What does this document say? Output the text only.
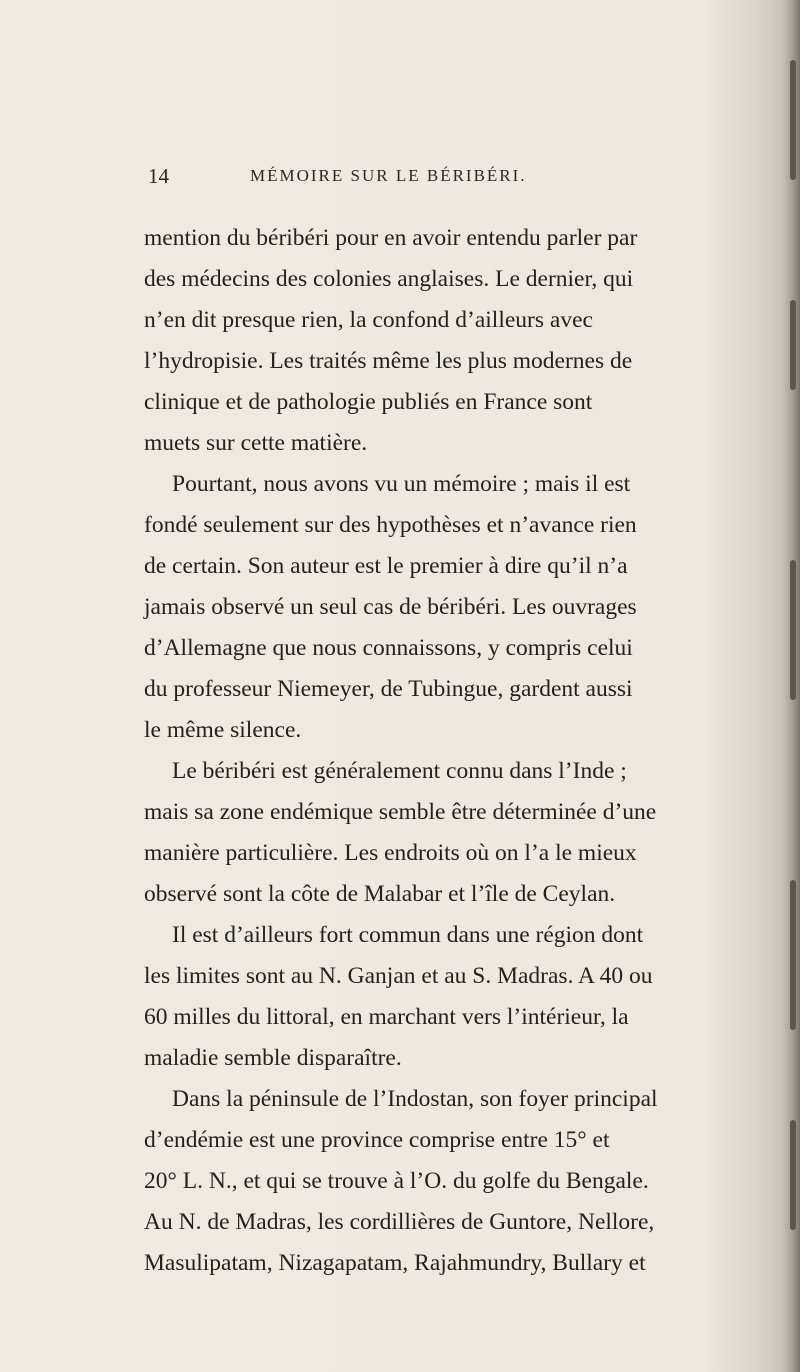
14	MÉMOIRE SUR LE BÉRIBÉRI.
mention du béribéri pour en avoir entendu parler par
des médecins des colonies anglaises. Le dernier, qui
n’en dit presque rien, la confond d’ailleurs avec
l’hydropisie. Les traités même les plus modernes de
clinique et de pathologie publiés en France sont
muets sur cette matière.
Pourtant, nous avons vu un mémoire ; mais il est
fondé seulement sur des hypothèses et n’avance rien
de certain. Son auteur est le premier à dire qu’il n’a
jamais observé un seul cas de béribéri. Les ouvrages
d’Allemagne que nous connaissons, y compris celui
du professeur Niemeyer, de Tubingue, gardent aussi
le même silence.
Le béribéri est généralement connu dans l’Inde ;
mais sa zone endémique semble être déterminée d’une
manière particulière. Les endroits où on l’a le mieux
observé sont la côte de Malabar et l’île de Ceylan.
Il est d’ailleurs fort commun dans une région dont
les limites sont au N. Ganjan et au S. Madras. A 40 ou
60 milles du littoral, en marchant vers l’intérieur, la
maladie semble disparaître.
Dans la péninsule de l’Indostan, son foyer principal
d’endémie est une province comprise entre 15° et
20° L. N., et qui se trouve à l’O. du golfe du Bengale.
Au N. de Madras, les cordillières de Guntore, Nellore,
Masulipatam, Nizagapatam, Rajahmundry, Bullary et
